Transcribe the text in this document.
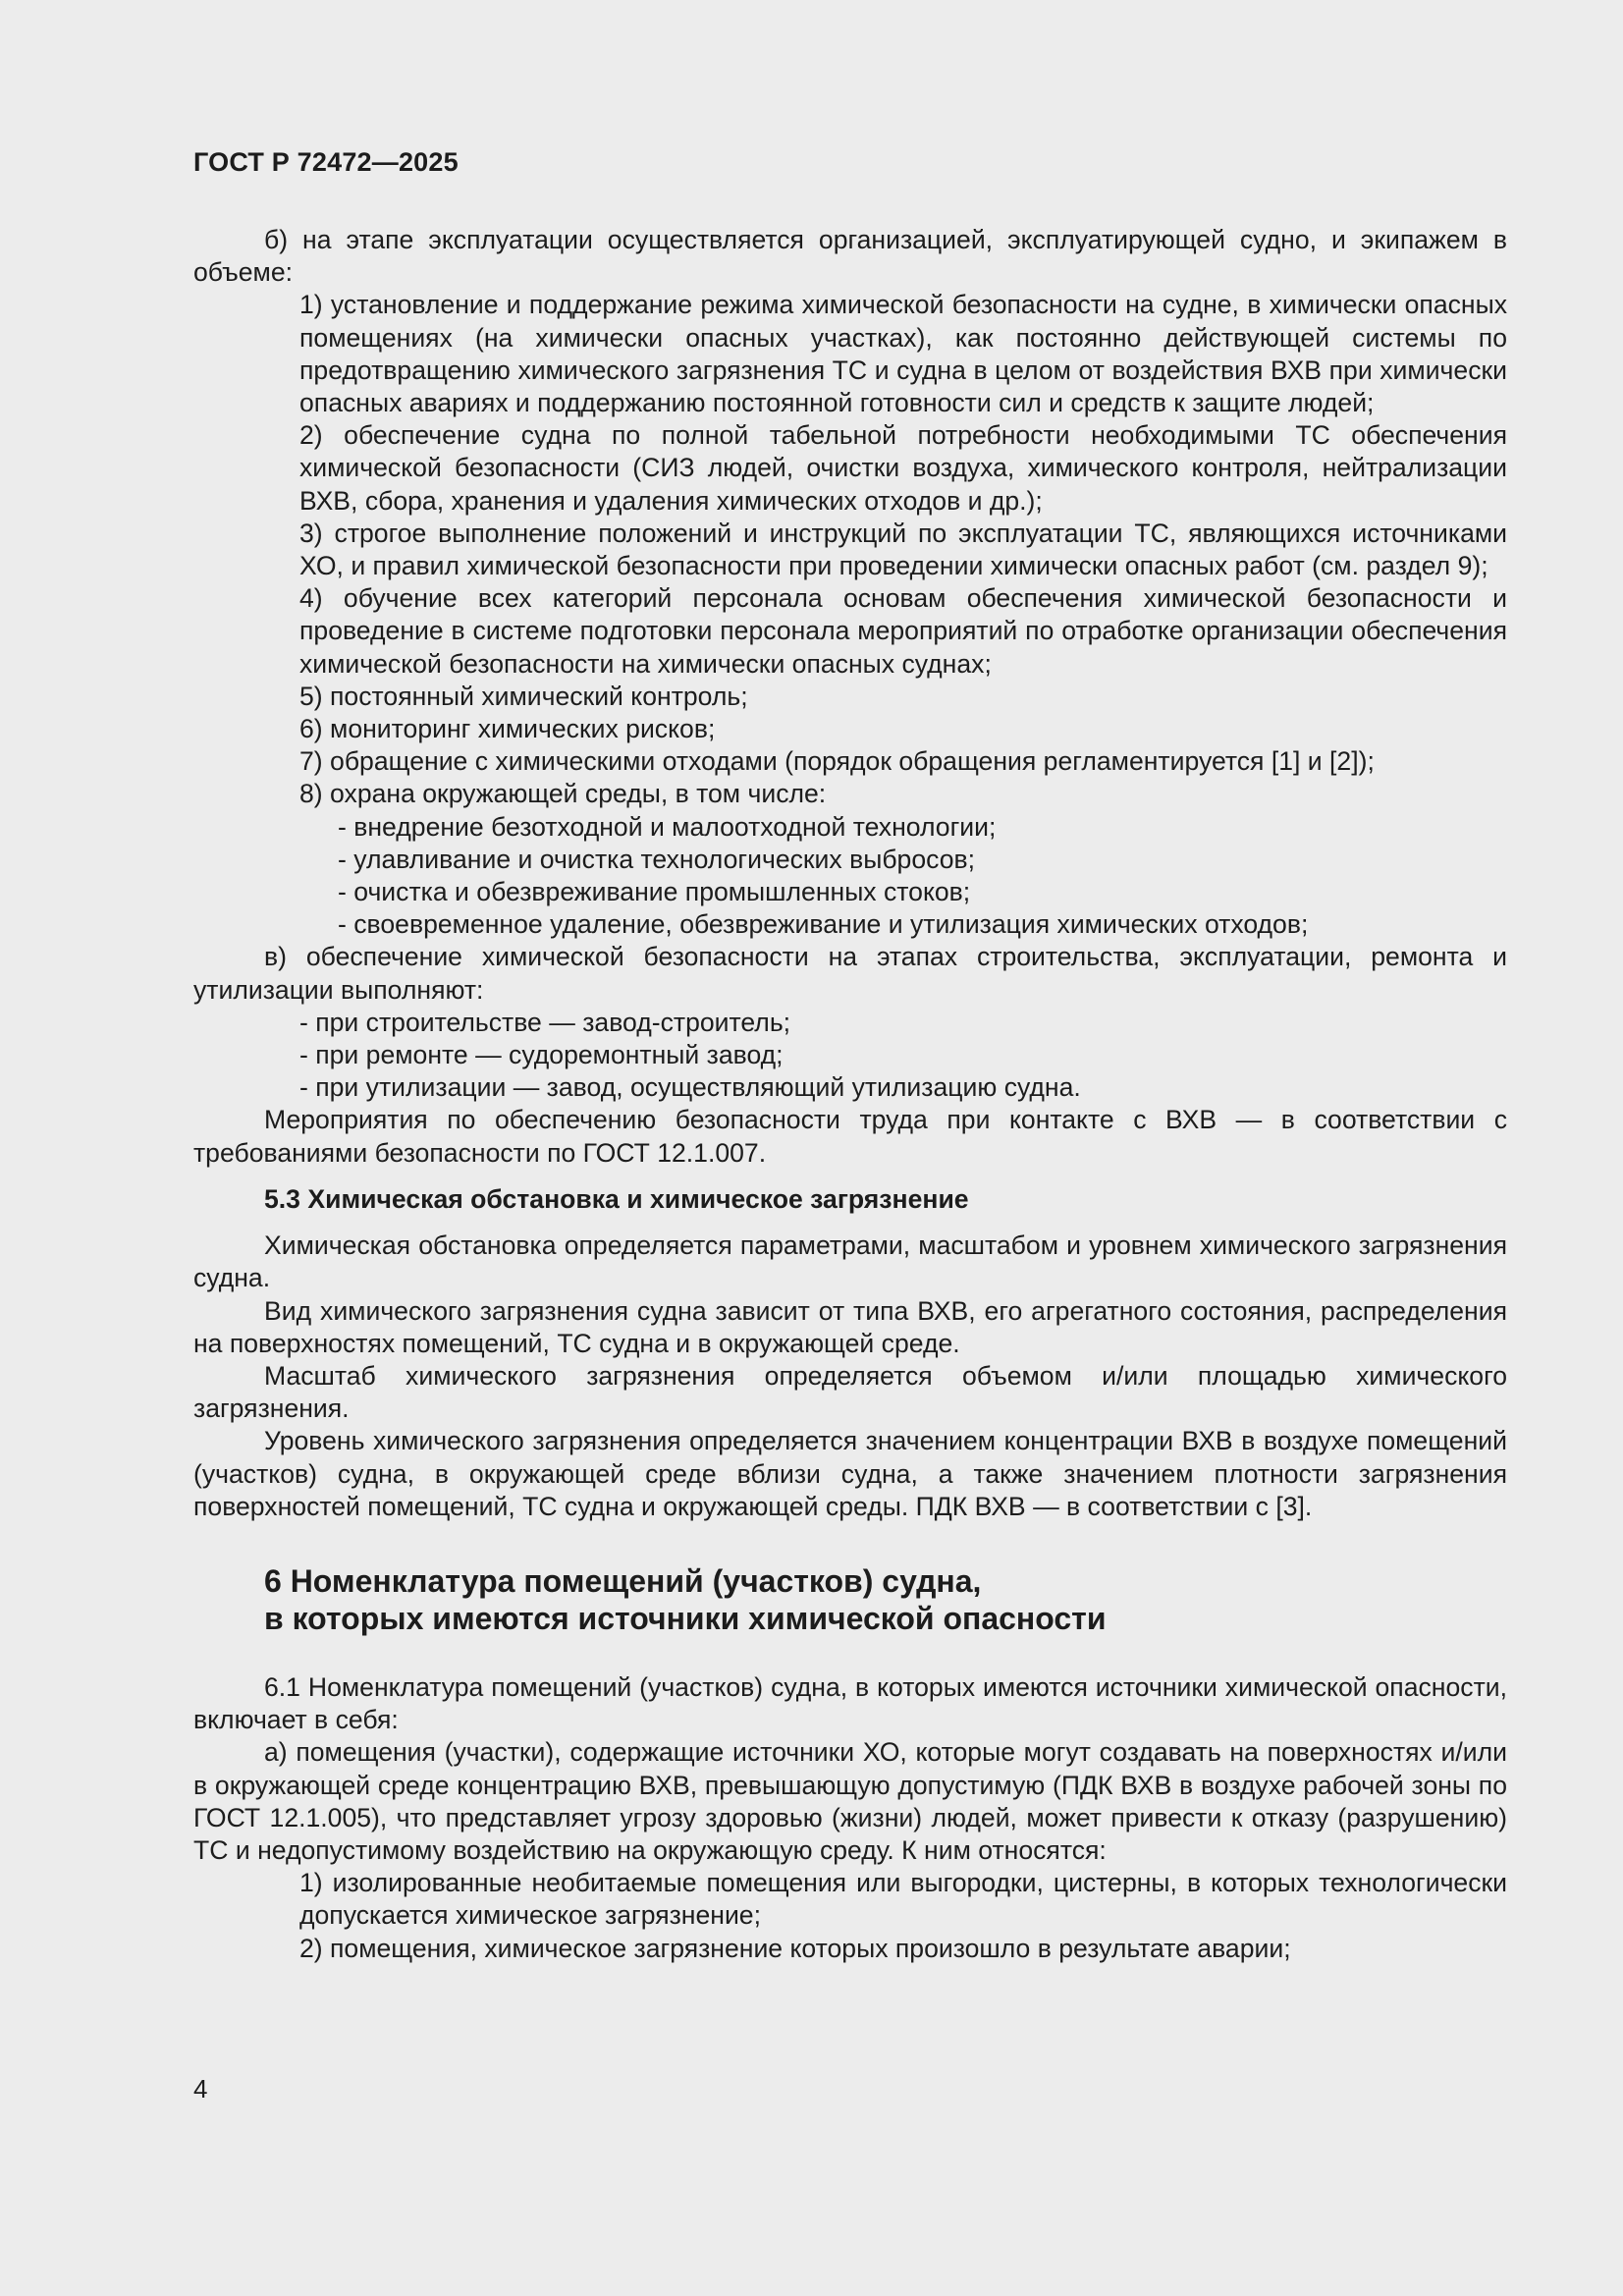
ГОСТ Р 72472—2025
б) на этапе эксплуатации осуществляется организацией, эксплуатирующей судно, и экипажем в объеме:
1) установление и поддержание режима химической безопасности на судне, в химически опасных помещениях (на химически опасных участках), как постоянно действующей системы по предотвращению химического загрязнения ТС и судна в целом от воздействия ВХВ при химически опасных авариях и поддержанию постоянной готовности сил и средств к защите людей;
2) обеспечение судна по полной табельной потребности необходимыми ТС обеспечения химической безопасности (СИЗ людей, очистки воздуха, химического контроля, нейтрализации ВХВ, сбора, хранения и удаления химических отходов и др.);
3) строгое выполнение положений и инструкций по эксплуатации ТС, являющихся источниками ХО, и правил химической безопасности при проведении химически опасных работ (см. раздел 9);
4) обучение всех категорий персонала основам обеспечения химической безопасности и проведение в системе подготовки персонала мероприятий по отработке организации обеспечения химической безопасности на химически опасных суднах;
5) постоянный химический контроль;
6) мониторинг химических рисков;
7) обращение с химическими отходами (порядок обращения регламентируется [1] и [2]);
8) охрана окружающей среды, в том числе:
- внедрение безотходной и малоотходной технологии;
- улавливание и очистка технологических выбросов;
- очистка и обезвреживание промышленных стоков;
- своевременное удаление, обезвреживание и утилизация химических отходов;
в) обеспечение химической безопасности на этапах строительства, эксплуатации, ремонта и утилизации выполняют:
- при строительстве — завод-строитель;
- при ремонте — судоремонтный завод;
- при утилизации — завод, осуществляющий утилизацию судна.
Мероприятия по обеспечению безопасности труда при контакте с ВХВ — в соответствии с требованиями безопасности по ГОСТ 12.1.007.
5.3 Химическая обстановка и химическое загрязнение
Химическая обстановка определяется параметрами, масштабом и уровнем химического загрязнения судна.
Вид химического загрязнения судна зависит от типа ВХВ, его агрегатного состояния, распределения на поверхностях помещений, ТС судна и в окружающей среде.
Масштаб химического загрязнения определяется объемом и/или площадью химического загрязнения.
Уровень химического загрязнения определяется значением концентрации ВХВ в воздухе помещений (участков) судна, в окружающей среде вблизи судна, а также значением плотности загрязнения поверхностей помещений, ТС судна и окружающей среды. ПДК ВХВ — в соответствии с [3].
6 Номенклатура помещений (участков) судна,
в которых имеются источники химической опасности
6.1 Номенклатура помещений (участков) судна, в которых имеются источники химической опасности, включает в себя:
а) помещения (участки), содержащие источники ХО, которые могут создавать на поверхностях и/или в окружающей среде концентрацию ВХВ, превышающую допустимую (ПДК ВХВ в воздухе рабочей зоны по ГОСТ 12.1.005), что представляет угрозу здоровью (жизни) людей, может привести к отказу (разрушению) ТС и недопустимому воздействию на окружающую среду. К ним относятся:
1) изолированные необитаемые помещения или выгородки, цистерны, в которых технологически допускается химическое загрязнение;
2) помещения, химическое загрязнение которых произошло в результате аварии;
4
